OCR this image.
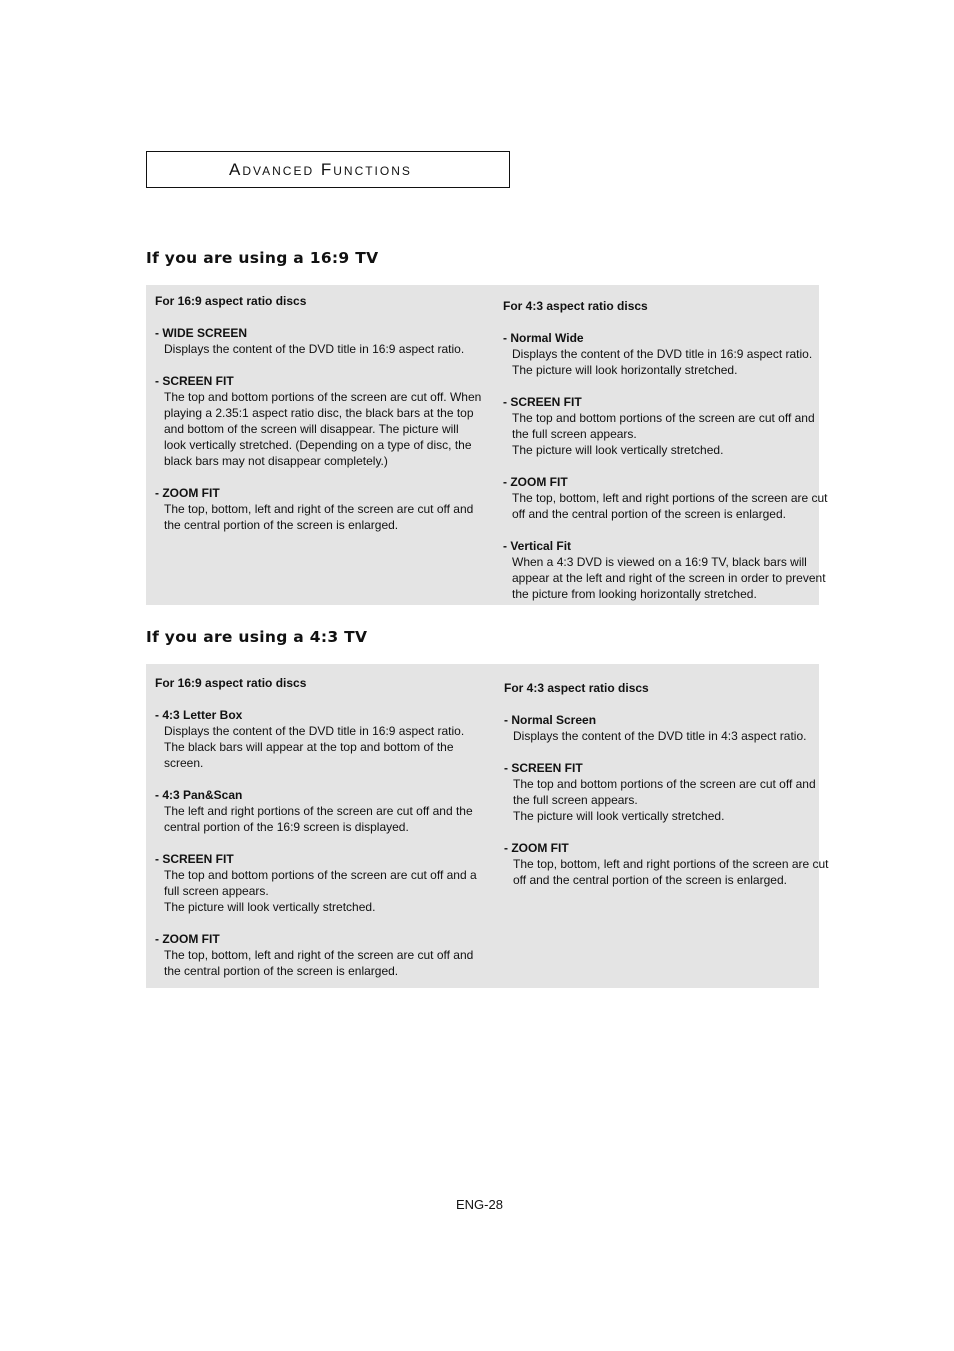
Advanced Functions
If you are using a 16:9 TV
For 16:9 aspect ratio discs
- WIDE SCREEN
Displays the content of the DVD title in 16:9 aspect ratio.
- SCREEN FIT
The top and bottom portions of the screen are cut off. When
playing a 2.35:1 aspect ratio disc, the black bars at the top
and bottom of the screen will disappear. The picture will
look vertically stretched. (Depending on a type of disc, the
black bars may not disappear completely.)
- ZOOM FIT
The top, bottom, left and right of the screen are cut off and
the central portion of the screen is enlarged.
For 4:3 aspect ratio discs
- Normal Wide
Displays the content of the DVD title in 16:9 aspect ratio.
The picture will look horizontally stretched.
- SCREEN FIT
The top and bottom portions of the screen are cut off and
the full screen appears.
The picture will look vertically stretched.
- ZOOM FIT
The top, bottom, left and right portions of the screen are cut
off and the central portion of the screen is enlarged.
- Vertical Fit
When a 4:3 DVD is viewed on a 16:9 TV, black bars will
appear at the left and right of the screen in order to prevent
the picture from looking horizontally stretched.
If you are using a 4:3 TV
For 16:9 aspect ratio discs
- 4:3 Letter Box
Displays the content of the DVD title in 16:9 aspect ratio.
The black bars will appear at the top and bottom of the
screen.
- 4:3 Pan&Scan
The left and right portions of the screen are cut off and the
central portion of the 16:9 screen is displayed.
- SCREEN FIT
The top and bottom portions of the screen are cut off and a
full screen appears.
The picture will look vertically stretched.
- ZOOM FIT
The top, bottom, left and right of the screen are cut off and
the central portion of the screen is enlarged.
For 4:3 aspect ratio discs
- Normal Screen
Displays the content of the DVD title in 4:3 aspect ratio.
- SCREEN FIT
The top and bottom portions of the screen are cut off and
the full screen appears.
The picture will look vertically stretched.
- ZOOM FIT
The top, bottom, left and right portions of the screen are cut
off and the central portion of the screen is enlarged.
ENG-28
